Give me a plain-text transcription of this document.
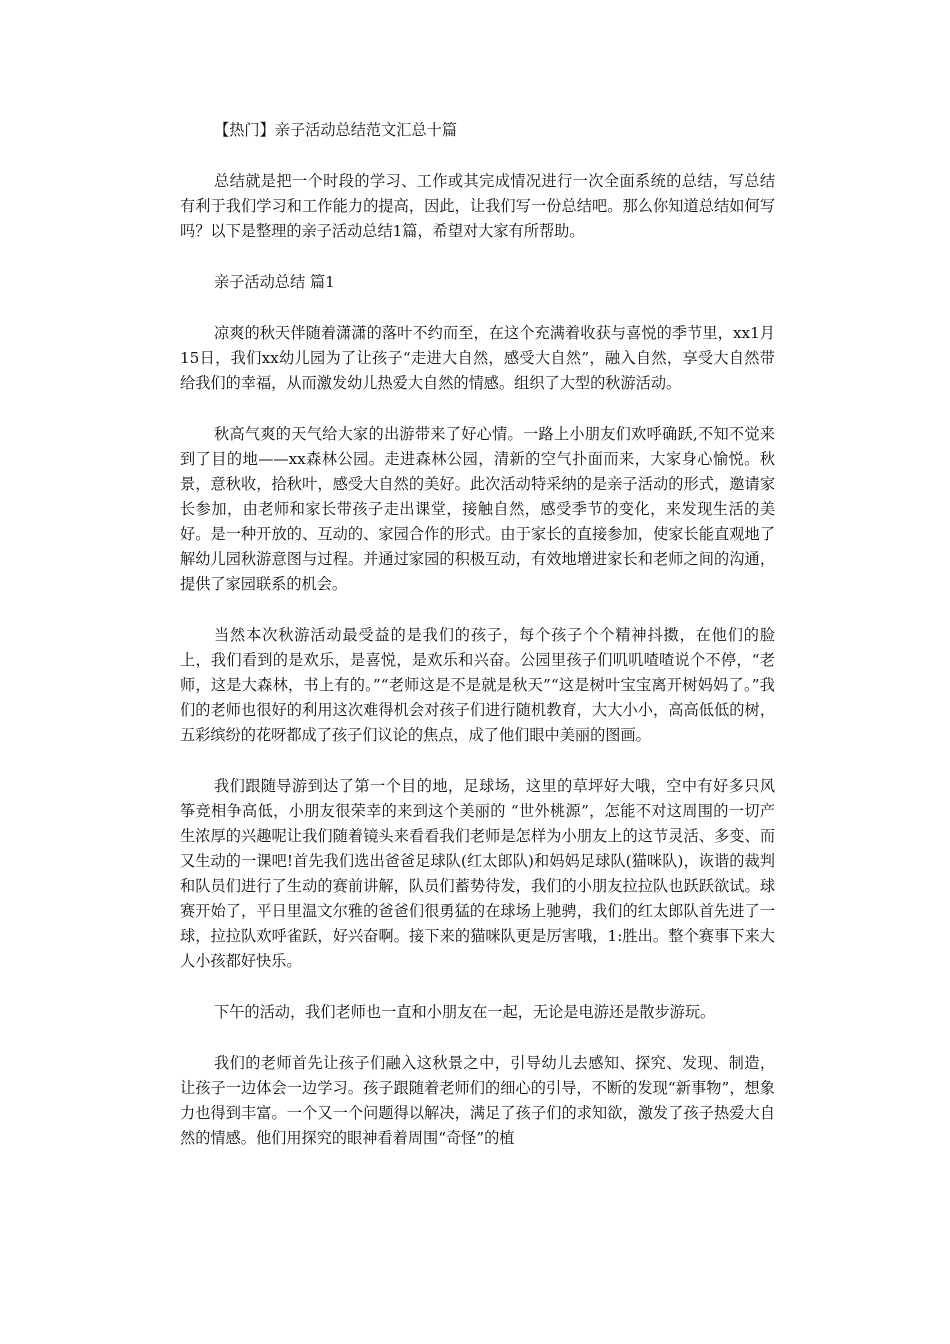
【热门】亲子活动总结范文汇总十篇

总结就是把一个时段的学习、工作或其完成情况进行一次全面系统的总结，写总结有利于我们学习和工作能力的提高，因此，让我们写一份总结吧。那么你知道总结如何写吗？以下是整理的亲子活动总结1篇，希望对大家有所帮助。

亲子活动总结 篇1

凉爽的秋天伴随着潇潇的落叶不约而至，在这个充满着收获与喜悦的季节里，xx1月15日，我们xx幼儿园为了让孩子“走进大自然，感受大自然”，融入自然，享受大自然带给我们的幸福，从而激发幼儿热爱大自然的情感。组织了大型的秋游活动。

秋高气爽的天气给大家的出游带来了好心情。一路上小朋友们欢呼确跃,不知不觉来到了目的地——xx森林公园。走进森林公园，清新的空气扑面而来，大家身心愉悦。秋景，意秋收，拾秋叶，感受大自然的美好。此次活动特采纳的是亲子活动的形式，邀请家长参加，由老师和家长带孩子走出课堂，接触自然，感受季节的变化，来发现生活的美好。是一种开放的、互动的、家园合作的形式。由于家长的直接参加，使家长能直观地了解幼儿园秋游意图与过程。并通过家园的积极互动，有效地增进家长和老师之间的沟通，提供了家园联系的机会。

当然本次秋游活动最受益的是我们的孩子，每个孩子个个精神抖擞，在他们的脸上，我们看到的是欢乐，是喜悦，是欢乐和兴奋。公园里孩子们叽叽喳喳说个不停，“老师，这是大森林，书上有的。”“老师这是不是就是秋天”“这是树叶宝宝离开树妈妈了。”我们的老师也很好的利用这次难得机会对孩子们进行随机教育，大大小小，高高低低的树，五彩缤纷的花呀都成了孩子们议论的焦点，成了他们眼中美丽的图画。

我们跟随导游到达了第一个目的地，足球场，这里的草坪好大哦，空中有好多只风筝竞相争高低，小朋友很荣幸的来到这个美丽的 “世外桃源”，怎能不对这周围的一切产生浓厚的兴趣呢让我们随着镜头来看看我们老师是怎样为小朋友上的这节灵活、多变、而又生动的一课吧!首先我们选出爸爸足球队(红太郎队)和妈妈足球队(猫咪队)，诙谐的裁判和队员们进行了生动的赛前讲解，队员们蓄势待发，我们的小朋友拉拉队也跃跃欲试。球赛开始了，平日里温文尔雅的爸爸们很勇猛的在球场上驰骋，我们的红太郎队首先进了一球，拉拉队欢呼雀跃，好兴奋啊。接下来的猫咪队更是厉害哦，1:胜出。整个赛事下来大人小孩都好快乐。

下午的活动，我们老师也一直和小朋友在一起，无论是电游还是散步游玩。

我们的老师首先让孩子们融入这秋景之中，引导幼儿去感知、探究、发现、制造，让孩子一边体会一边学习。孩子跟随着老师们的细心的引导，不断的发现“新事物”，想象力也得到丰富。一个又一个问题得以解决，满足了孩子们的求知欲，激发了孩子热爱大自然的情感。他们用探究的眼神看着周围“奇怪”的植
